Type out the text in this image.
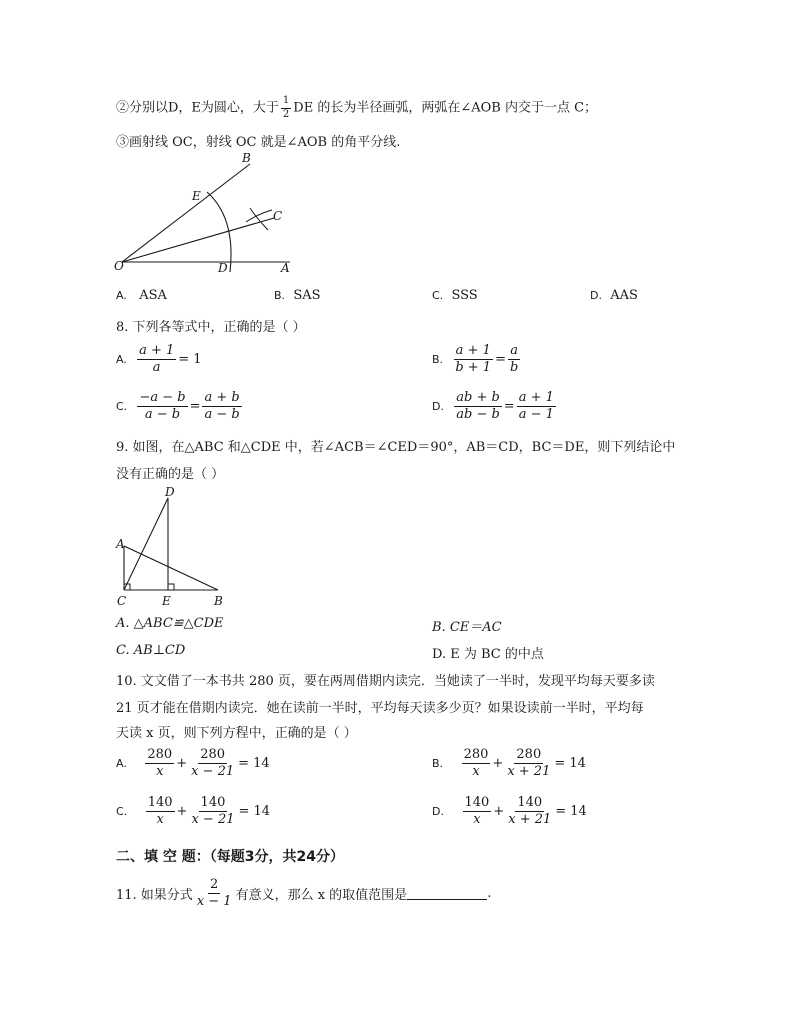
②分别以D，E为圆心，大于 $\frac{1}{2}$ DE 的长为半径画弧，两弧在∠AOB 内交于一点 C；
③画射线 OC，射线 OC 就是∠AOB 的角平分线.
B
E
C
O	D	A
A. ASA	B. SAS	C. SSS	D. AAS
8. 下列各等式中，正确的是（ ）
A.
$\frac{a + 1}{a} = 1$	B.
$\frac{a + 1}{b + 1} = \frac{a}{b}$
C.
$\frac{-a - b}{a - b} = \frac{a + b}{a - b}$	D.
$\frac{ab + b}{ab - b} = \frac{a + 1}{a - 1}$
9. 如图，在△ABC 和△CDE 中，若∠ACB＝∠CED＝90°，AB＝CD，BC＝DE，则下列结论中
没有正确的是（ ）
D
A
C	E	B
A. △ABC≌△CDE	B. CE＝AC
C. AB⊥CD	D. E 为 BC 的中点
10. 文文借了一本书共 280 页，要在两周借期内读完．当她读了一半时，发现平均每天要多读
21 页才能在借期内读完．她在读前一半时，平均每天读多少页？如果设读前一半时，平均每
天读 x 页，则下列方程中，正确的是（ ）
A.
$\frac{280}{x} + \frac{280}{x - 21} = 14$	B.
$\frac{280}{x} + \frac{280}{x + 21} = 14$
C.
$\frac{140}{x} + \frac{140}{x - 21} = 14$	D.
$\frac{140}{x} + \frac{140}{x + 21} = 14$
二、填 空 题：（每题3分，共24分）
11. 如果分式 $\frac{2}{x - 1}$ 有意义，那么 x 的取值范围是	.
